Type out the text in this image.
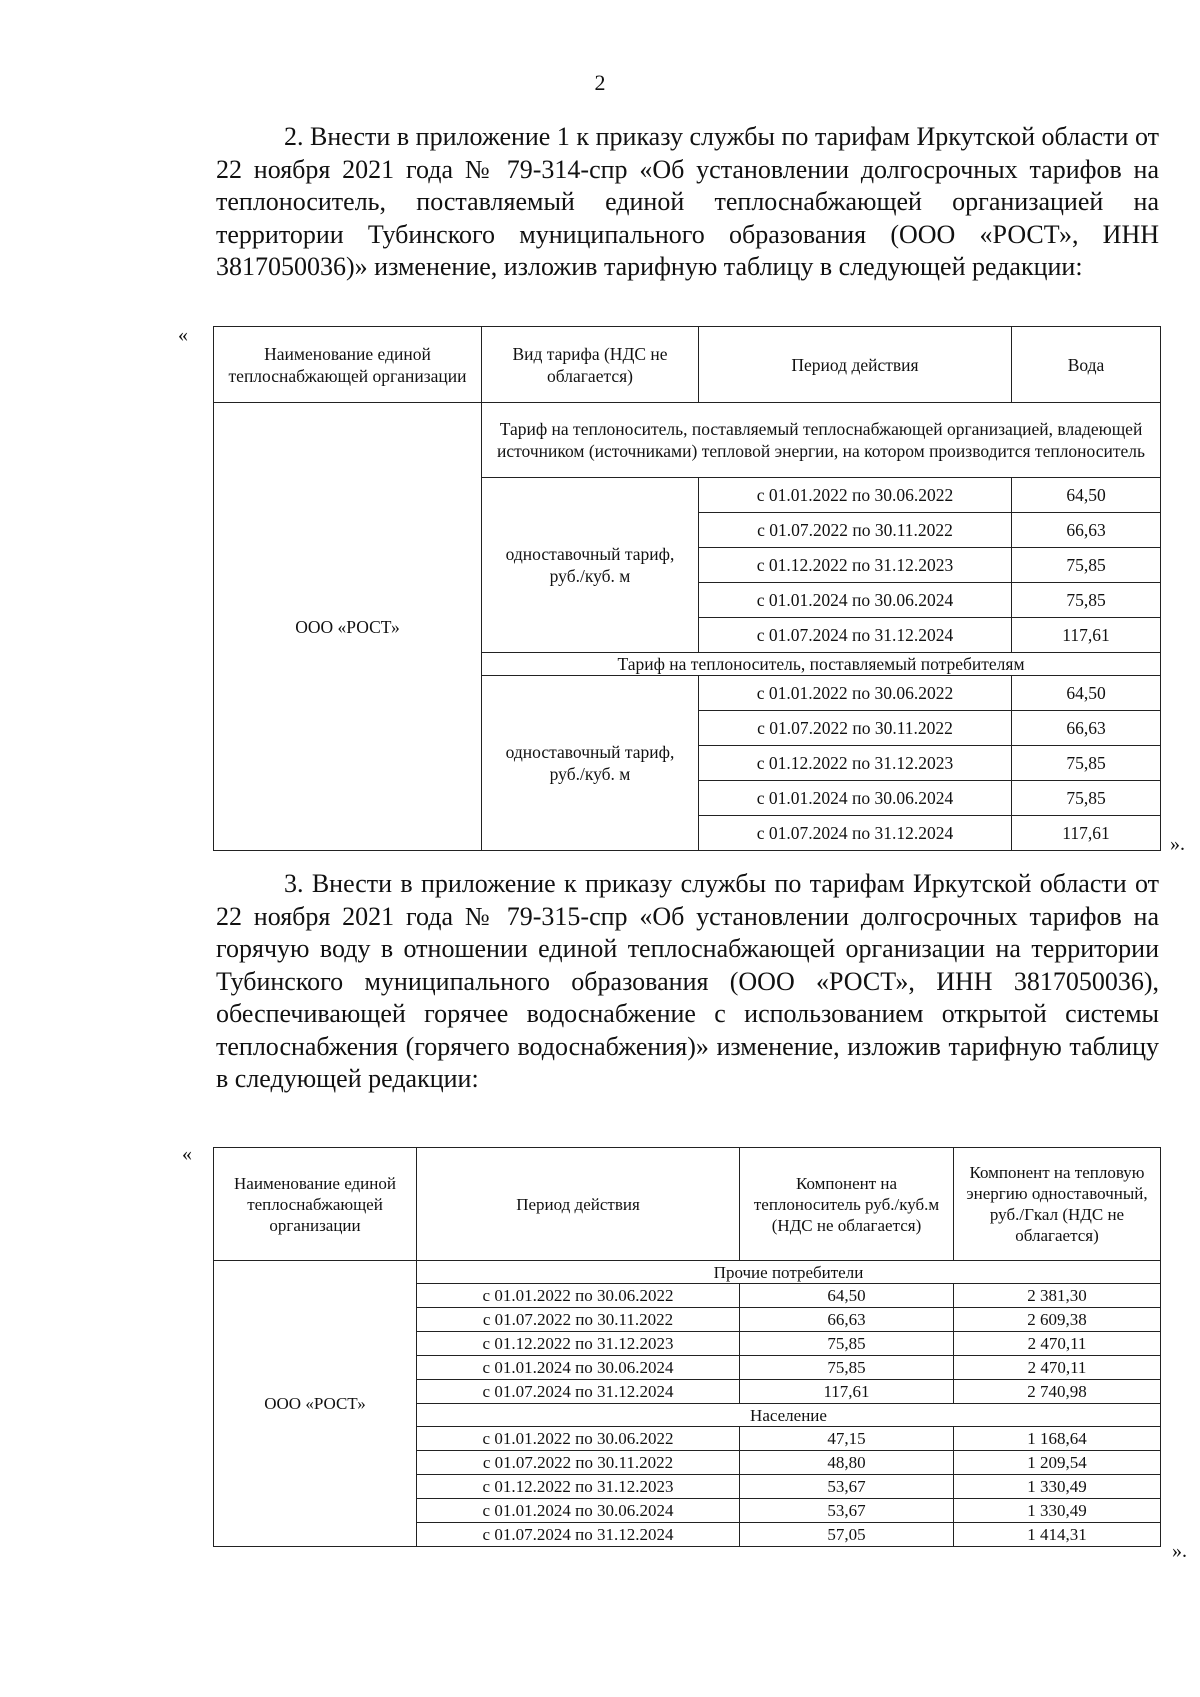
2
2. Внести в приложение 1 к приказу службы по тарифам Иркутской области от 22 ноября 2021 года № 79-314-спр «Об установлении долгосрочных тарифов на теплоноситель, поставляемый единой теплоснабжающей организацией на территории Тубинского муниципального образования (ООО «РОСТ», ИНН 3817050036)» изменение, изложив тарифную таблицу в следующей редакции:
«
Наименование единой теплоснабжающей организации	Вид тарифа (НДС не облагается)	Период действия	Вода
ООО «РОСТ»	Тариф на теплоноситель, поставляемый теплоснабжающей организацией, владеющей источником (источниками) тепловой энергии, на котором производится теплоноситель		
	одноставочный тариф, руб./куб. м	с 01.01.2022 по 30.06.2022	64,50
		с 01.07.2022 по 30.11.2022	66,63
		с 01.12.2022 по 31.12.2023	75,85
		с 01.01.2024 по 30.06.2024	75,85
		с 01.07.2024 по 31.12.2024	117,61
	Тариф на теплоноситель, поставляемый потребителям		
	одноставочный тариф, руб./куб. м	с 01.01.2022 по 30.06.2022	64,50
		с 01.07.2022 по 30.11.2022	66,63
		с 01.12.2022 по 31.12.2023	75,85
		с 01.01.2024 по 30.06.2024	75,85
		с 01.07.2024 по 31.12.2024	117,61	».
3. Внести в приложение к приказу службы по тарифам Иркутской области от 22 ноября 2021 года № 79-315-спр «Об установлении долгосрочных тарифов на горячую воду в отношении единой теплоснабжающей организации на территории Тубинского муниципального образования (ООО «РОСТ», ИНН 3817050036), обеспечивающей горячее водоснабжение с использованием открытой системы теплоснабжения (горячего водоснабжения)» изменение, изложив тарифную таблицу в следующей редакции:
«
Наименование единой теплоснабжающей организации	Период действия	Компонент на теплоноситель руб./куб.м (НДС не облагается)	Компонент на тепловую энергию одноставочный, руб./Гкал (НДС не облагается)
ООО «РОСТ»	Прочие потребители		
	с 01.01.2022 по 30.06.2022	64,50	2 381,30
	с 01.07.2022 по 30.11.2022	66,63	2 609,38
	с 01.12.2022 по 31.12.2023	75,85	2 470,11
	с 01.01.2024 по 30.06.2024	75,85	2 470,11
	с 01.07.2024 по 31.12.2024	117,61	2 740,98
	Население		
	с 01.01.2022 по 30.06.2022	47,15	1 168,64
	с 01.07.2022 по 30.11.2022	48,80	1 209,54
	с 01.12.2022 по 31.12.2023	53,67	1 330,49
	с 01.01.2024 по 30.06.2024	53,67	1 330,49
	с 01.07.2024 по 31.12.2024	57,05	1 414,31
».
